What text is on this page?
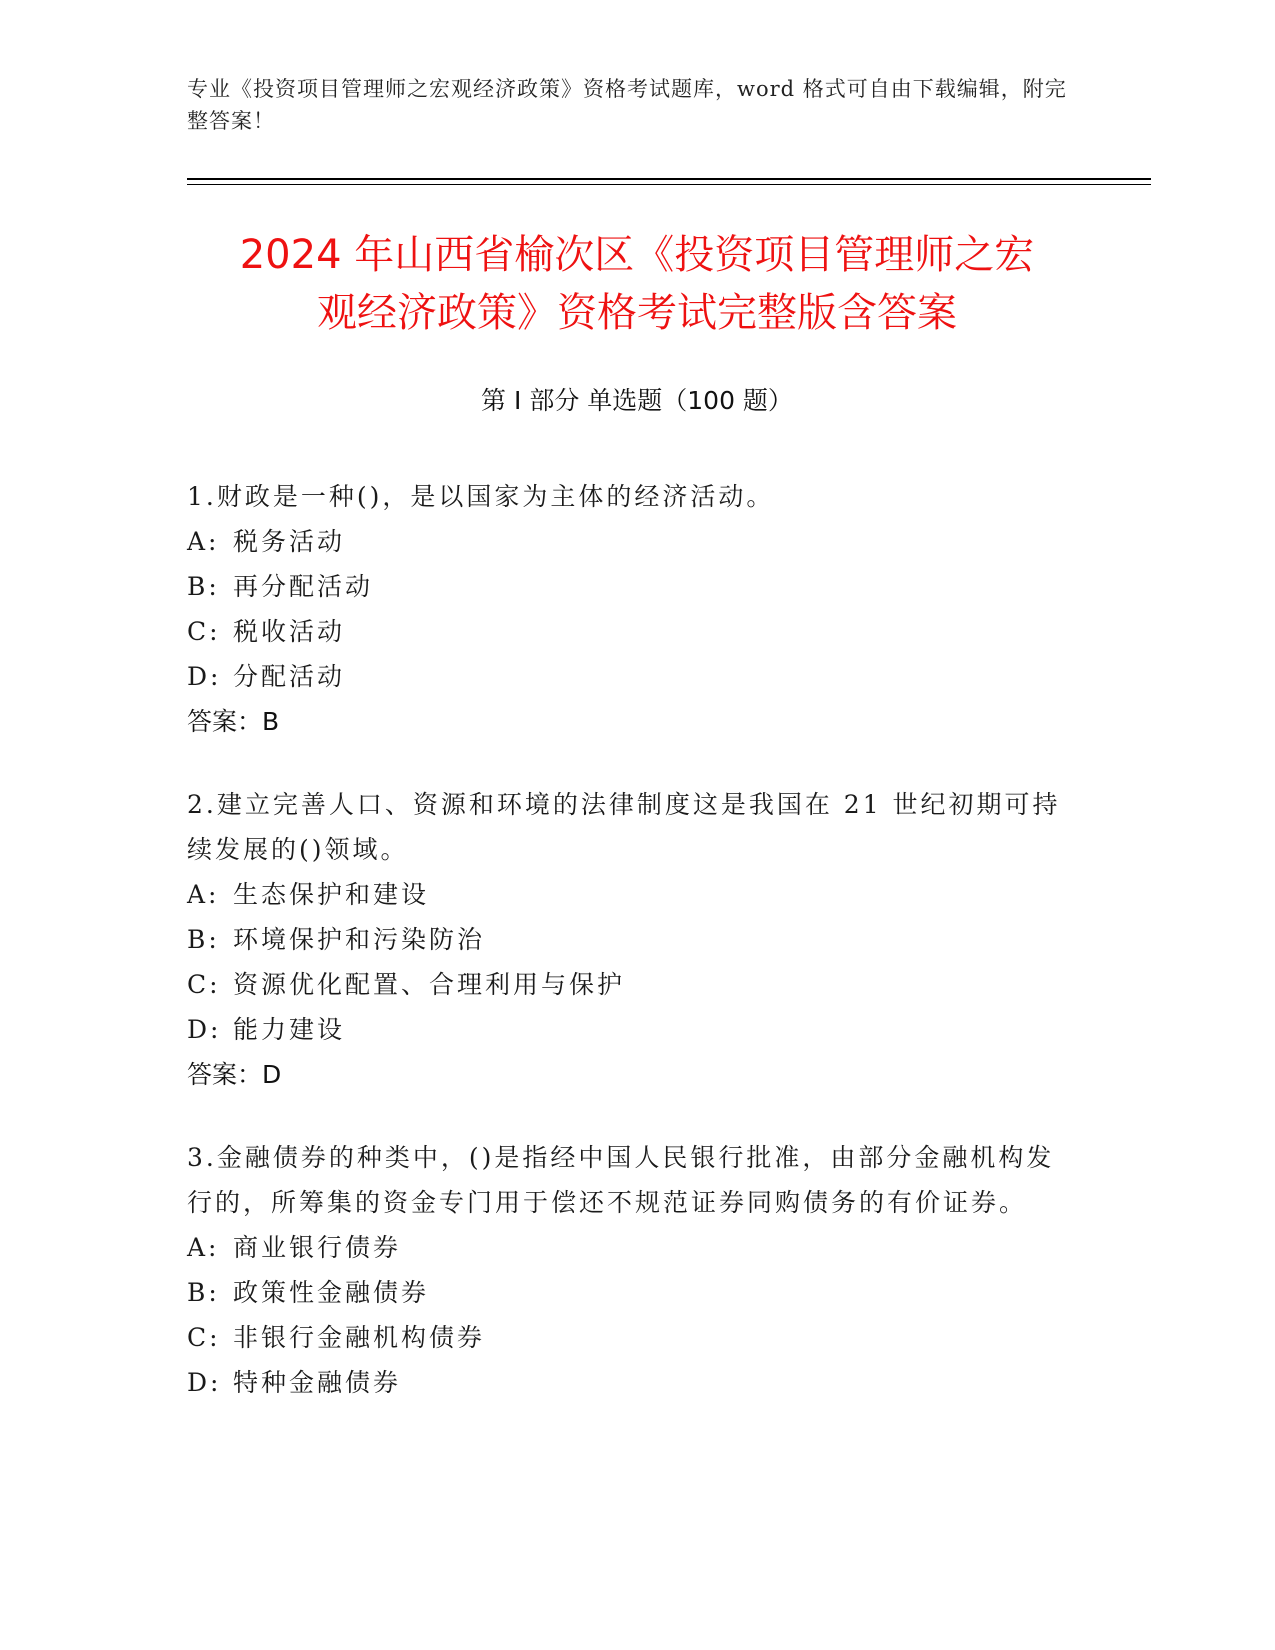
专业《投资项目管理师之宏观经济政策》资格考试题库，word 格式可自由下载编辑，附完整答案！
2024 年山西省榆次区《投资项目管理师之宏
观经济政策》资格考试完整版含答案
第 I 部分 单选题（100 题）

1.财政是一种()，是以国家为主体的经济活动。

A: 税务活动

B: 再分配活动

C: 税收活动

D: 分配活动

答案：B

2.建立完善人口、资源和环境的法律制度这是我国在 21 世纪初期可持续发展的()领域。

A: 生态保护和建设

B: 环境保护和污染防治

C: 资源优化配置、合理利用与保护

D: 能力建设

答案：D

3.金融债券的种类中，()是指经中国人民银行批准，由部分金融机构发行的，所筹集的资金专门用于偿还不规范证券同购债务的有价证券。

A: 商业银行债券

B: 政策性金融债券

C: 非银行金融机构债券

D: 特种金融债券
